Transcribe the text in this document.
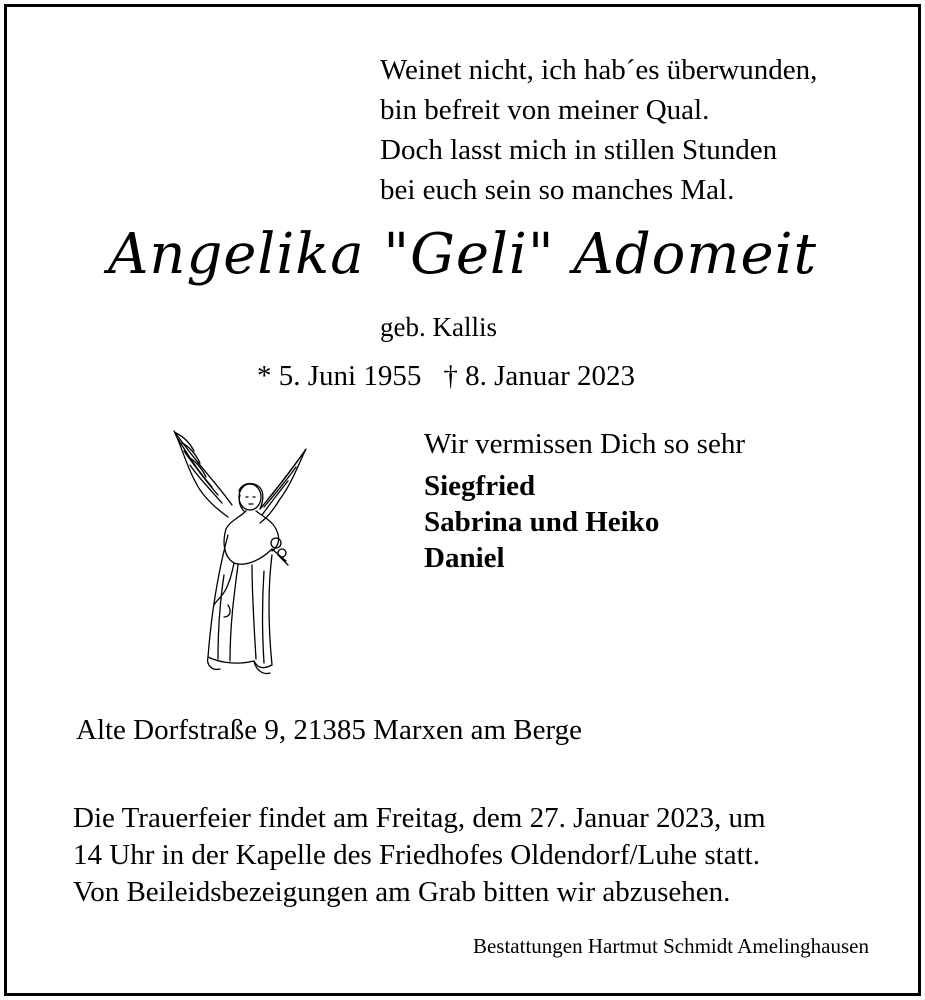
Weinet nicht, ich hab´es überwunden,
bin befreit von meiner Qual.
Doch lasst mich in stillen Stunden
bei euch sein so manches Mal.
Angelika "Geli" Adomeit
geb. Kallis
* 5. Juni 1955 † 8. Januar 2023
Wir vermissen Dich so sehr
Siegfried
Sabrina und Heiko
Daniel
Alte Dorfstraße 9, 21385 Marxen am Berge
Die Trauerfeier findet am Freitag, dem 27. Januar 2023, um
14 Uhr in der Kapelle des Friedhofes Oldendorf/Luhe statt.
Von Beileidsbezeigungen am Grab bitten wir abzusehen.
Bestattungen Hartmut Schmidt Amelinghausen
